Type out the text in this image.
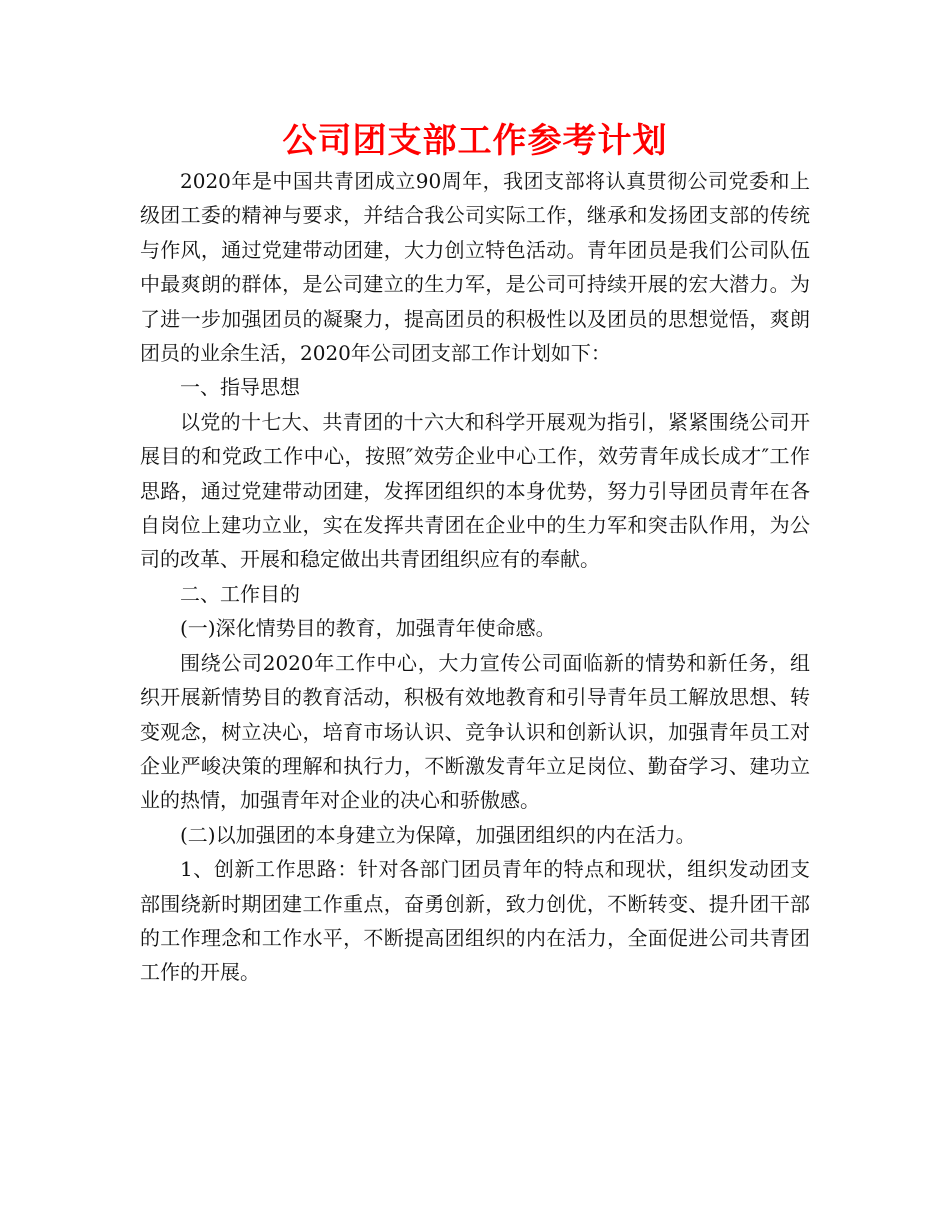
公司团支部工作参考计划

2020年是中国共青团成立90周年，我团支部将认真贯彻公司党委和上级团工委的精神与要求，并结合我公司实际工作，继承和发扬团支部的传统与作风，通过党建带动团建，大力创立特色活动。青年团员是我们公司队伍中最爽朗的群体，是公司建立的生力军，是公司可持续开展的宏大潜力。为了进一步加强团员的凝聚力，提高团员的积极性以及团员的思想觉悟，爽朗团员的业余生活，2020年公司团支部工作计划如下：

一、指导思想

以党的十七大、共青团的十六大和科学开展观为指引，紧紧围绕公司开展目的和党政工作中心，按照″效劳企业中心工作，效劳青年成长成才″工作思路，通过党建带动团建，发挥团组织的本身优势，努力引导团员青年在各自岗位上建功立业，实在发挥共青团在企业中的生力军和突击队作用，为公司的改革、开展和稳定做出共青团组织应有的奉献。

二、工作目的

(一)深化情势目的教育，加强青年使命感。

围绕公司2020年工作中心，大力宣传公司面临新的情势和新任务，组织开展新情势目的教育活动，积极有效地教育和引导青年员工解放思想、转变观念，树立决心，培育市场认识、竞争认识和创新认识，加强青年员工对企业严峻决策的理解和执行力，不断激发青年立足岗位、勤奋学习、建功立业的热情，加强青年对企业的决心和骄傲感。

(二)以加强团的本身建立为保障，加强团组织的内在活力。

1、创新工作思路：针对各部门团员青年的特点和现状，组织发动团支部围绕新时期团建工作重点，奋勇创新，致力创优，不断转变、提升团干部的工作理念和工作水平，不断提高团组织的内在活力，全面促进公司共青团工作的开展。
